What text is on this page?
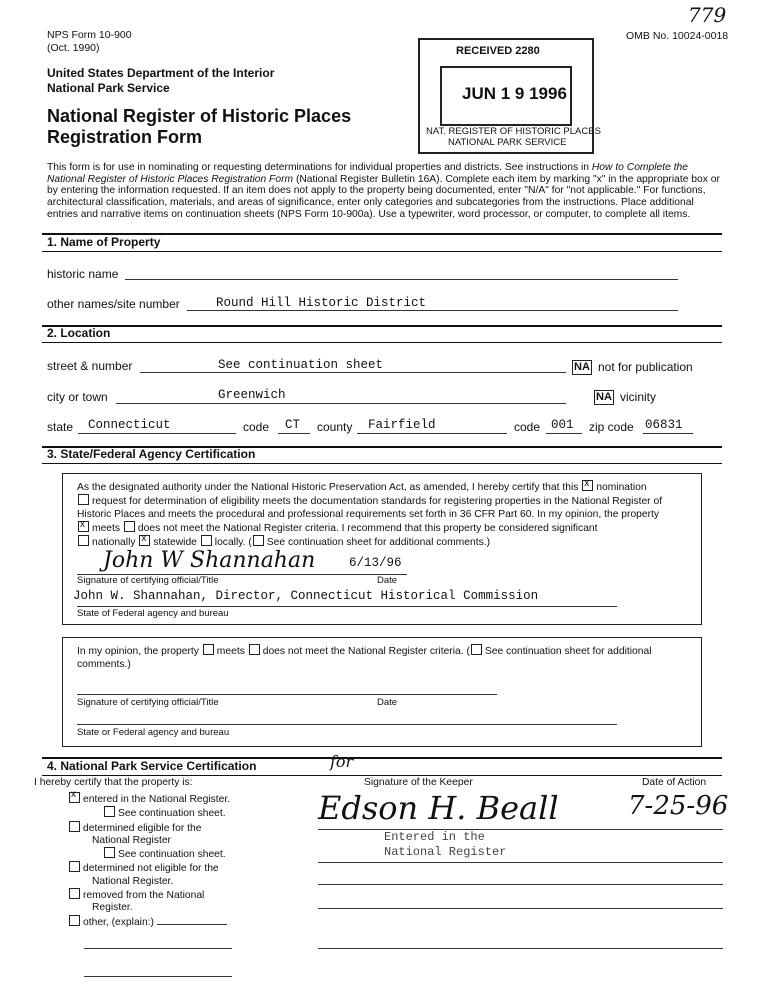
NPS Form 10-900
(Oct. 1990)
OMB No. 10024-0018
779
United States Department of the Interior
National Park Service
National Register of Historic Places
Registration Form
RECEIVED 2280
JUN 1 9 1996
NAT. REGISTER OF HISTORIC PLACES
NATIONAL PARK SERVICE
This form is for use in nominating or requesting determinations for individual properties and districts. See instructions in How to Complete the National Register of Historic Places Registration Form (National Register Bulletin 16A). Complete each item by marking "x" in the appropriate box or by entering the information requested. If an item does not apply to the property being documented, enter "N/A" for "not applicable." For functions, architectural classification, materials, and areas of significance, enter only categories and subcategories from the instructions. Place additional entries and narrative items on continuation sheets (NPS Form 10-900a). Use a typewriter, word processor, or computer, to complete all items.
1. Name of Property
historic name
other names/site number	Round Hill Historic District
2. Location
street & number	See continuation sheet	NA not for publication
city or town	Greenwich	NA vicinity
state Connecticut	code CT county Fairfield	code 001 zip code 06831
3. State/Federal Agency Certification
As the designated authority under the National Historic Preservation Act, as amended, I hereby certify that this x nomination
request for determination of eligibility meets the documentation standards for registering properties in the National Register of
Historic Places and meets the procedural and professional requirements set forth in 36 CFR Part 60. In my opinion, the property
xmeets does not meet the National Register criteria. I recommend that this property be considered significant
nationally x statewide locally. ( See continuation sheet for additional comments.)
John W Shannahan	6/13/96
Signature of certifying official/Title	Date
John W. Shannahan, Director, Connecticut Historical Commission
State of Federal agency and bureau
In my opinion, the property meets does not meet the National Register criteria. ( See continuation sheet for additional
comments.)
Signature of certifying official/Title	Date
State or Federal agency and bureau
4. National Park Service Certification
I hereby certify that the property is:
xentered in the National Register.
See continuation sheet.
determined eligible for the
National Register
See continuation sheet.
determined not eligible for the
National Register.
removed from the National
Register.
other, (explain:)
Signature of the Keeper	Date of Action
Edson H. Beall
for
7-25-96
Entered in the
National Register
